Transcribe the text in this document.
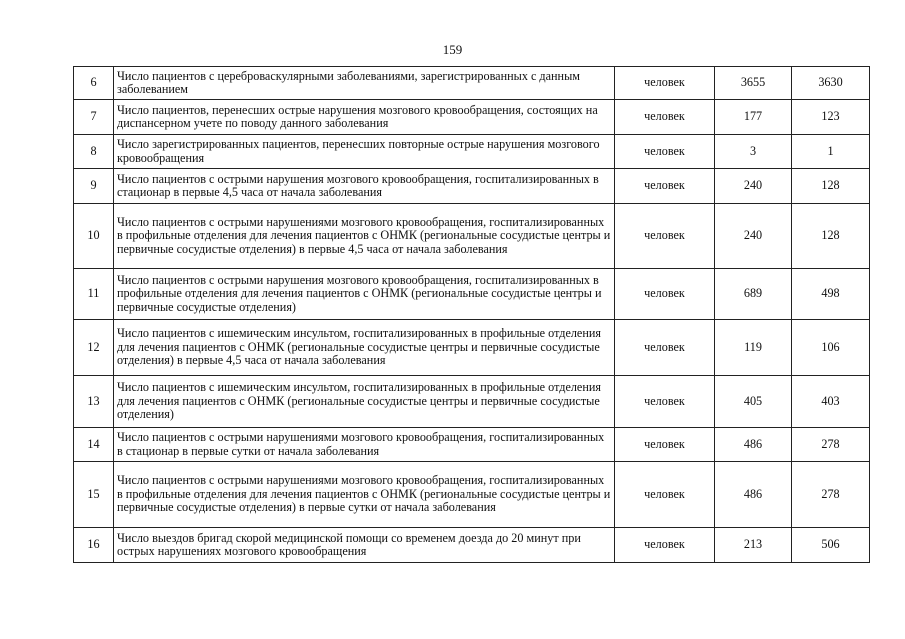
159
6	Число пациентов с цереброваскулярными заболеваниями, зарегистрированных с данным заболеванием	человек	3655	3630
7	Число пациентов, перенесших острые нарушения мозгового кровообращения, состоящих на диспансерном учете по поводу данного заболевания	человек	177	123
8	Число зарегистрированных пациентов, перенесших повторные острые нарушения мозгового кровообращения	человек	3	1
9	Число пациентов с острыми нарушения мозгового кровообращения, госпитализированных в стационар в первые 4,5 часа от начала заболевания	человек	240	128
10	Число пациентов с острыми нарушениями мозгового кровообращения, госпитализированных в профильные отделения для лечения пациентов с ОНМК (региональные сосудистые центры и первичные сосудистые отделения) в первые 4,5 часа от начала заболевания	человек	240	128
11	Число пациентов с острыми нарушения мозгового кровообращения, госпитализированных в профильные отделения для лечения пациентов с ОНМК (региональные сосудистые центры и первичные сосудистые отделения)	человек	689	498
12	Число пациентов с ишемическим инсультом, госпитализированных в профильные отделения для лечения пациентов с ОНМК (региональные сосудистые центры и первичные сосудистые отделения) в первые 4,5 часа от начала заболевания	человек	119	106
13	Число пациентов с ишемическим инсультом, госпитализированных в профильные отделения для лечения пациентов с ОНМК (региональные сосудистые центры и первичные сосудистые отделения)	человек	405	403
14	Число пациентов с острыми нарушениями мозгового кровообращения, госпитализированных в стационар в первые сутки от начала заболевания	человек	486	278
15	Число пациентов с острыми нарушениями мозгового кровообращения, госпитализированных в профильные отделения для лечения пациентов с ОНМК (региональные сосудистые центры и первичные сосудистые отделения) в первые сутки от начала заболевания	человек	486	278
16	Число выездов бригад скорой медицинской помощи со временем доезда до 20 минут при острых нарушениях мозгового кровообращения	человек	213	506
